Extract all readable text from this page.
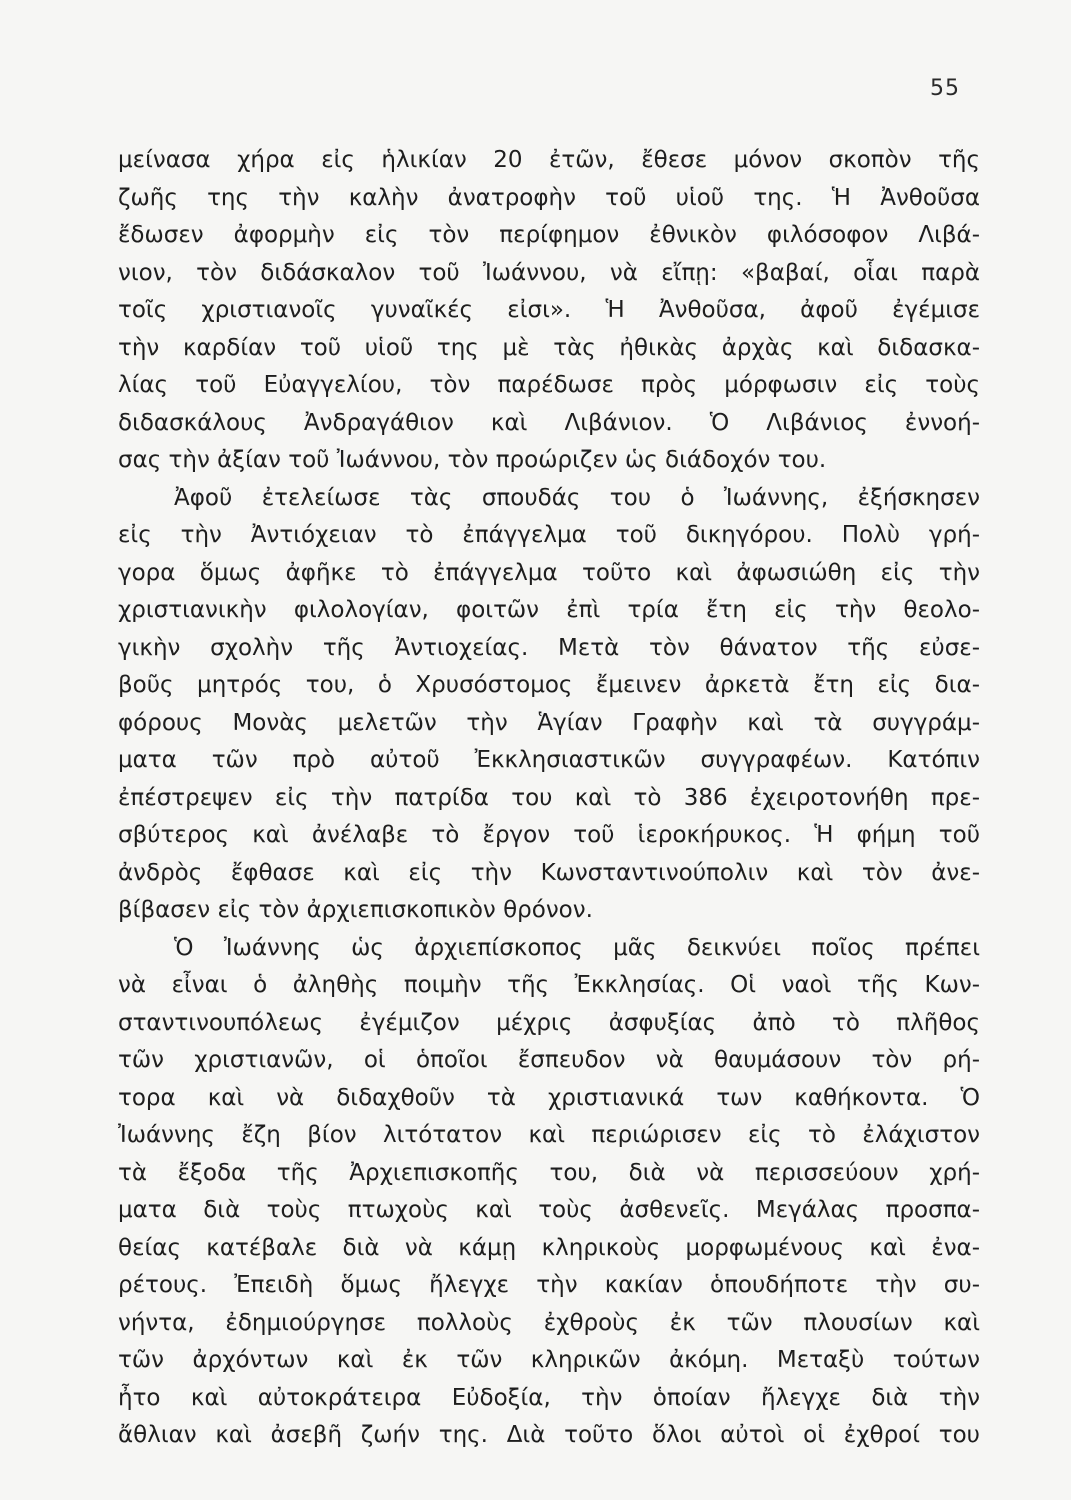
55
μείνασα χήρα εἰς ἡλικίαν 20 ἐτῶν, ἔθεσε μόνον σκοπὸν τῆς
ζωῆς της τὴν καλὴν ἀνατροφὴν τοῦ υἱοῦ της. Ἡ Ἀνθοῦσα
ἔδωσεν ἀφορμὴν εἰς τὸν περίφημον ἐθνικὸν φιλόσοφον Λιβά-
νιον, τὸν διδάσκαλον τοῦ Ἰωάννου, νὰ εἴπῃ: «βαβαί, οἷαι παρὰ
τοῖς χριστιανοῖς γυναῖκές εἰσι». Ἡ Ἀνθοῦσα, ἀφοῦ ἐγέμισε
τὴν καρδίαν τοῦ υἱοῦ της μὲ τὰς ἠθικὰς ἀρχὰς καὶ διδασκα-
λίας τοῦ Εὐαγγελίου, τὸν παρέδωσε πρὸς μόρφωσιν εἰς τοὺς
διδασκάλους Ἀνδραγάθιον καὶ Λιβάνιον. Ὁ Λιβάνιος ἐννοή-
σας τὴν ἀξίαν τοῦ Ἰωάννου, τὸν προώριζεν ὡς διάδοχόν του.
Ἀφοῦ ἐτελείωσε τὰς σπουδάς του ὁ Ἰωάννης, ἐξήσκησεν
εἰς τὴν Ἀντιόχειαν τὸ ἐπάγγελμα τοῦ δικηγόρου. Πολὺ γρή-
γορα ὅμως ἀφῆκε τὸ ἐπάγγελμα τοῦτο καὶ ἀφωσιώθη εἰς τὴν
χριστιανικὴν φιλολογίαν, φοιτῶν ἐπὶ τρία ἔτη εἰς τὴν θεολο-
γικὴν σχολὴν τῆς Ἀντιοχείας. Μετὰ τὸν θάνατον τῆς εὐσε-
βοῦς μητρός του, ὁ Χρυσόστομος ἔμεινεν ἀρκετὰ ἔτη εἰς δια-
φόρους Μονὰς μελετῶν τὴν Ἁγίαν Γραφὴν καὶ τὰ συγγράμ-
ματα τῶν πρὸ αὐτοῦ Ἐκκλησιαστικῶν συγγραφέων. Κατόπιν
ἐπέστρεψεν εἰς τὴν πατρίδα του καὶ τὸ 386 ἐχειροτονήθη πρε-
σβύτερος καὶ ἀνέλαβε τὸ ἔργον τοῦ ἱεροκήρυκος. Ἡ φήμη τοῦ
ἀνδρὸς ἔφθασε καὶ εἰς τὴν Κωνσταντινούπολιν καὶ τὸν ἀνε-
βίβασεν εἰς τὸν ἀρχιεπισκοπικὸν θρόνον.
Ὁ Ἰωάννης ὡς ἀρχιεπίσκοπος μᾶς δεικνύει ποῖος πρέπει
νὰ εἶναι ὁ ἀληθὴς ποιμὴν τῆς Ἐκκλησίας. Οἱ ναοὶ τῆς Κων-
σταντινουπόλεως ἐγέμιζον μέχρις ἀσφυξίας ἀπὸ τὸ πλῆθος
τῶν χριστιανῶν, οἱ ὁποῖοι ἔσπευδον νὰ θαυμάσουν τὸν ρή-
τορα καὶ νὰ διδαχθοῦν τὰ χριστιανικά των καθήκοντα. Ὁ
Ἰωάννης ἔζη βίον λιτότατον καὶ περιώρισεν εἰς τὸ ἐλάχιστον
τὰ ἔξοδα τῆς Ἀρχιεπισκοπῆς του, διὰ νὰ περισσεύουν χρή-
ματα διὰ τοὺς πτωχοὺς καὶ τοὺς ἀσθενεῖς. Μεγάλας προσπα-
θείας κατέβαλε διὰ νὰ κάμῃ κληρικοὺς μορφωμένους καὶ ἐνα-
ρέτους. Ἐπειδὴ ὅμως ἤλεγχε τὴν κακίαν ὁπουδήποτε τὴν συ-
νήντα, ἐδημιούργησε πολλοὺς ἐχθροὺς ἐκ τῶν πλουσίων καὶ
τῶν ἀρχόντων καὶ ἐκ τῶν κληρικῶν ἀκόμη. Μεταξὺ τούτων
ἦτο καὶ αὐτοκράτειρα Εὐδοξία, τὴν ὁποίαν ἤλεγχε διὰ τὴν
ἄθλιαν καὶ ἀσεβῆ ζωήν της. Διὰ τοῦτο ὅλοι αὐτοὶ οἱ ἐχθροί του
